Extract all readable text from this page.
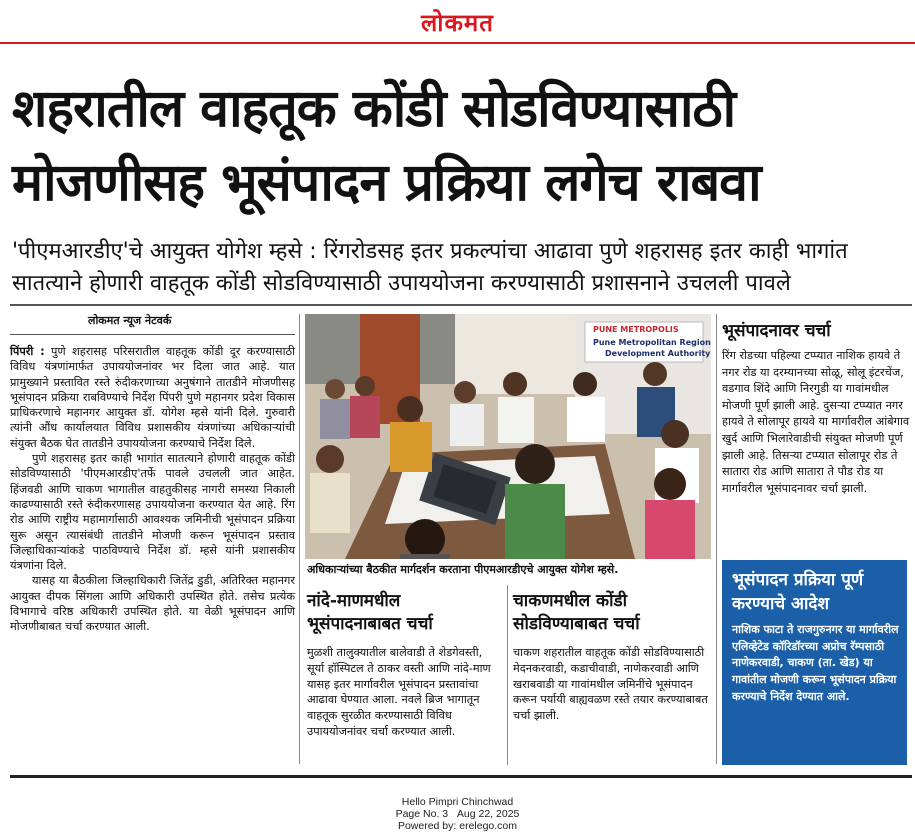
लोकमत
शहरातील वाहतूक कोंडी सोडविण्यासाठी
मोजणीसह भूसंपादन प्रक्रिया लगेच राबवा
'पीएमआरडीए'चे आयुक्त योगेश म्हसे : रिंगरोडसह इतर प्रकल्पांचा आढावा पुणे शहरासह इतर काही भागांत
सातत्याने होणारी वाहतूक कोंडी सोडविण्यासाठी उपाययोजना करण्यासाठी प्रशासनाने उचलली पावले
लोकमत न्यूज नेटवर्क

पिंपरी : पुणे शहरासह परिसरातील वाहतूक कोंडी दूर करण्यासाठी विविध यंत्रणांमार्फत उपाययोजनांवर भर दिला जात आहे. यात प्रामुख्याने प्रस्तावित रस्ते रुंदीकरणाच्या अनुषंगाने तातडीने मोजणीसह भूसंपादन प्रक्रिया राबविण्याचे निर्देश पिंपरी पुणे महानगर प्रदेश विकास प्राधिकरणाचे महानगर आयुक्त डॉ. योगेश म्हसे यांनी दिले. गुरुवारी त्यांनी औंध कार्यालयात विविध प्रशासकीय यंत्रणांच्या अधिकाऱ्यांची संयुक्त बैठक घेत तातडीने उपाययोजना करण्याचे निर्देश दिले.

पुणे शहरासह इतर काही भागांत सातत्याने होणारी वाहतूक कोंडी सोडविण्यासाठी 'पीएमआरडीए'तर्फे पावले उचलली जात आहेत. हिंजवडी आणि चाकण भागातील वाहतुकीसह नागरी समस्या निकाली काढण्यासाठी रस्ते रुंदीकरणासह उपाययोजना करण्यात येत आहे. रिंग रोड आणि राष्ट्रीय महामार्गासाठी आवश्यक जमिनीची भूसंपादन प्रक्रिया सुरू असून त्यासंबंधी तातडीने मोजणी करून भूसंपादन प्रस्ताव जिल्हाधिकाऱ्यांकडे पाठविण्याचे निर्देश डॉ. म्हसे यांनी प्रशासकीय यंत्रणांना दिले.

यासह या बैठकीला जिल्हाधिकारी जितेंद्र डुडी, अतिरिक्त महानगर आयुक्त दीपक सिंगला आणि अधिकारी उपस्थित होते. तसेच प्रत्येक विभागाचे वरिष्ठ अधिकारी उपस्थित होते. या वेळी भूसंपादन आणि मोजणीबाबत चर्चा करण्यात आली.

PUNE METROPOLIS
Pune Metropolitan Region
Development Authority
अधिकाऱ्यांच्या बैठकीत मार्गदर्शन करताना पीएमआरडीएचे आयुक्त योगेश म्हसे.
नांदे-माणमधील
भूसंपादनाबाबत चर्चा
मुळशी तालुक्यातील बालेवाडी ते शेडगेवस्ती, सूर्या हॉस्पिटल ते ठाकर वस्ती आणि नांदे-माण यासह इतर मार्गावरील भूसंपादन प्रस्तावांचा आढावा घेण्यात आला. नवले ब्रिज भागातून वाहतूक सुरळीत करण्यासाठी विविध उपाययोजनांवर चर्चा करण्यात आली.
चाकणमधील कोंडी
सोडविण्याबाबत चर्चा
चाकण शहरातील वाहतूक कोंडी सोडविण्यासाठी मेदनकरवाडी, कडाचीवाडी, नाणेकरवाडी आणि खराबवाडी या गावांमधील जमिनींचे भूसंपादन करून पर्यायी बाह्यवळण रस्ते तयार करण्याबाबत चर्चा झाली.
भूसंपादनावर चर्चा
रिंग रोडच्या पहिल्या टप्प्यात नाशिक हायवे ते नगर रोड या दरम्यानच्या सोळू, सोलू इंटरचेंज, वडगाव शिंदे आणि निरगुडी या गावांमधील मोजणी पूर्ण झाली आहे. दुसऱ्या टप्प्यात नगर हायवे ते सोलापूर हायवे या मार्गावरील आंबेगाव खुर्द आणि भिलारेवाडीची संयुक्त मोजणी पूर्ण झाली आहे. तिसऱ्या टप्प्यात सोलापूर रोड ते सातारा रोड आणि सातारा ते पौड रोड या मार्गावरील भूसंपादनावर चर्चा झाली.
भूसंपादन प्रक्रिया पूर्ण करण्याचे आदेश
नाशिक फाटा ते राजगुरुनगर या मार्गावरील एलिव्हेटेड कॉरिडॉरच्या अप्रोच रॅम्पसाठी नाणेकरवाडी, चाकण (ता. खेड) या गावांतील मोजणी करून भूसंपादन प्रक्रिया करण्याचे निर्देश देण्यात आले.
Hello Pimpri Chinchwad
Page No. 3 Aug 22, 2025
Powered by: erelego.com
